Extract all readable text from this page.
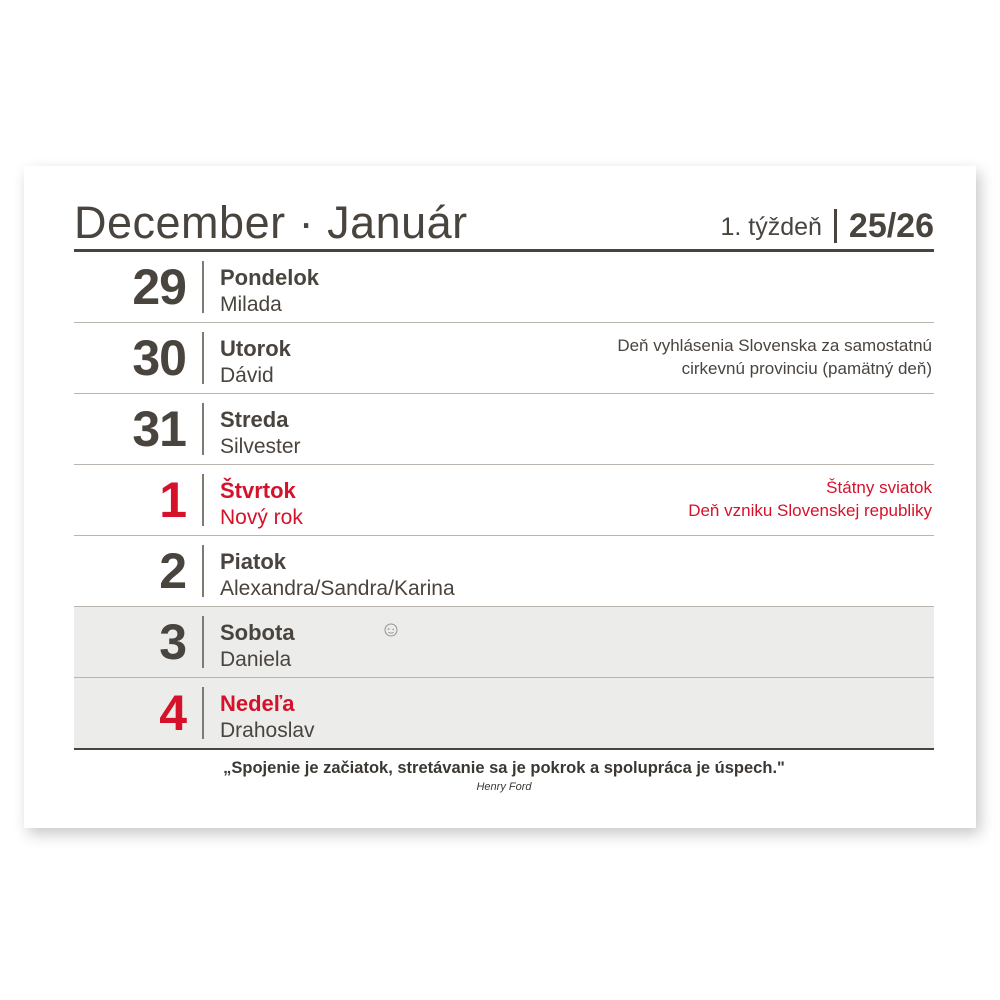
December · Január	1. týždeň 25/26
29	Pondelok
Milada
30	Utorok
Dávid
Deň vyhlásenia Slovenska za samostatnú
cirkevnú provinciu (pamätný deň)
31	Streda
Silvester
1	Štvrtok
Nový rok
Štátny sviatok
Deň vzniku Slovenskej republiky
2	Piatok
Alexandra/Sandra/Karina
3	Sobota
Daniela
4	Nedeľa
Drahoslav
„Spojenie je začiatok, stretávanie sa je pokrok a spolupráca je úspech."
Henry Ford
